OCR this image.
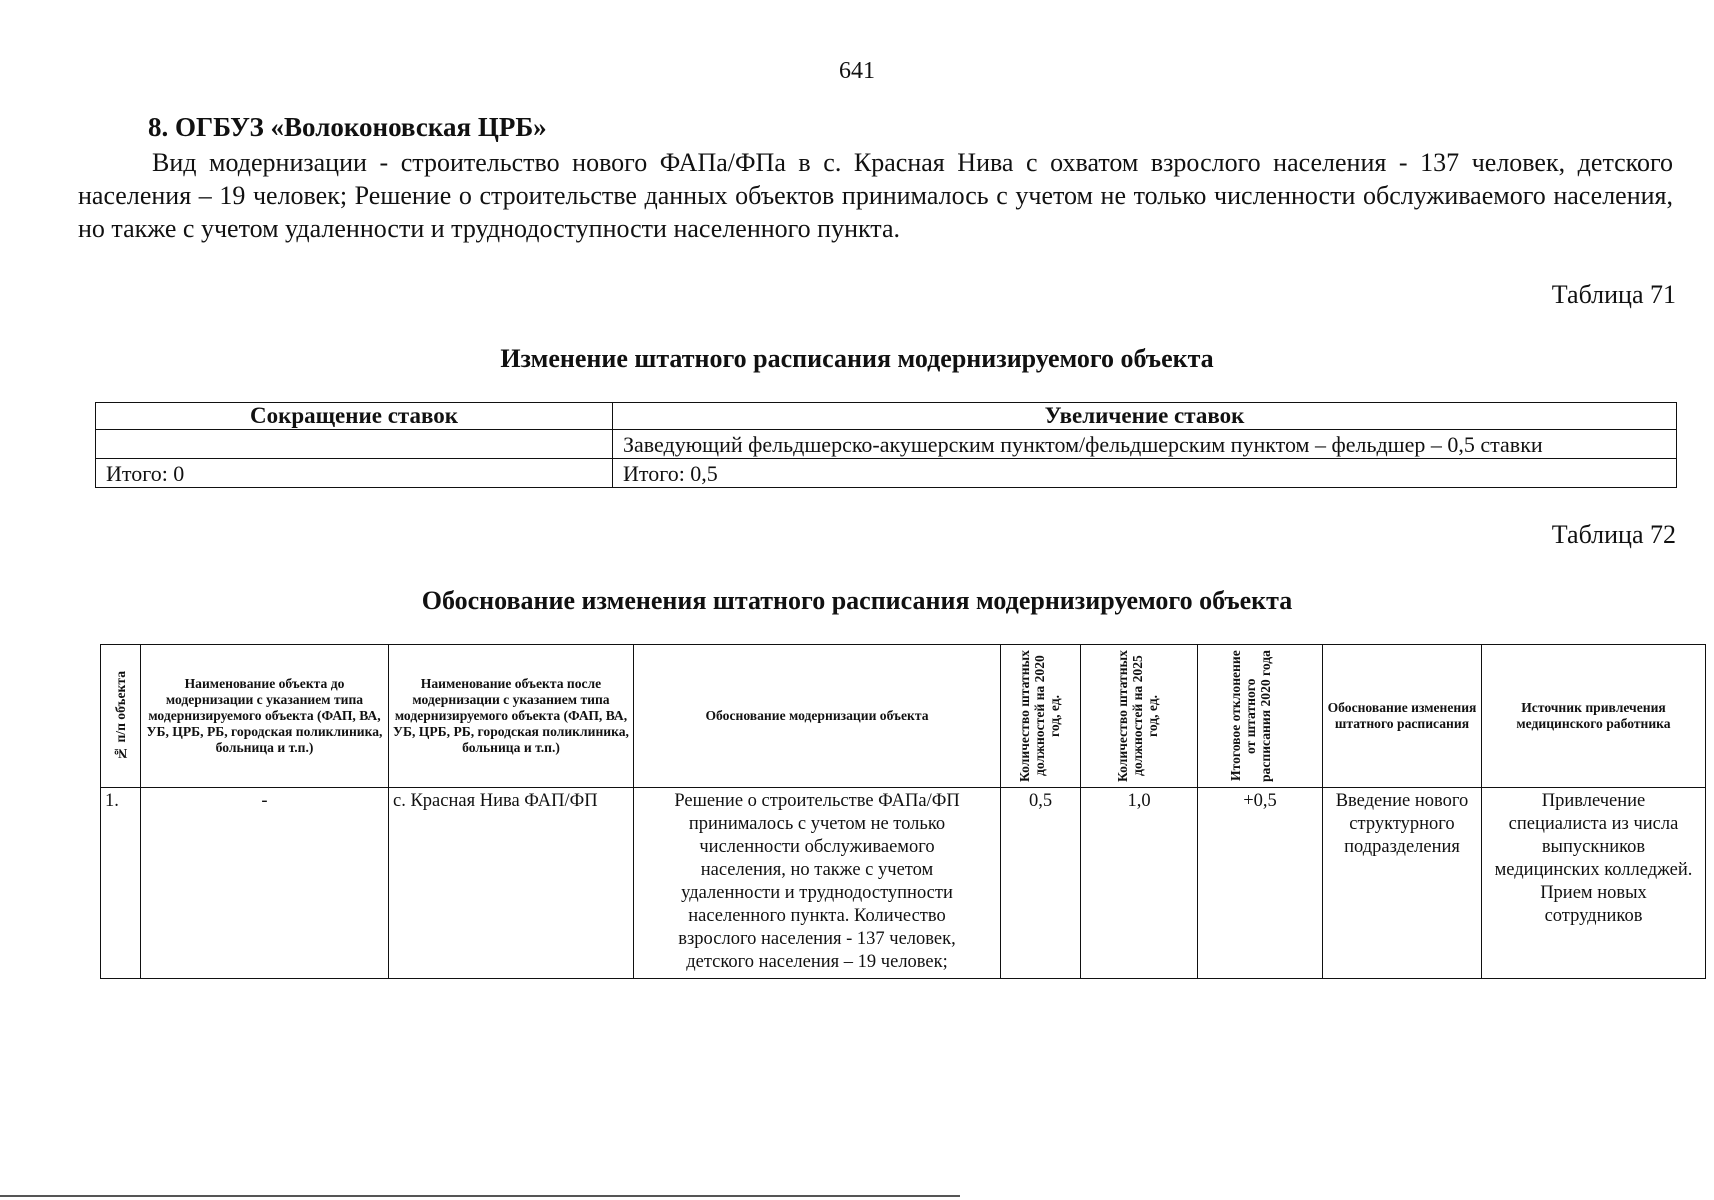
641
8. ОГБУЗ «Волоконовская ЦРБ»

Вид модернизации - строительство нового ФАПа/ФПа в с. Красная Нива с охватом взрослого населения - 137 человек, детского населения – 19 человек; Решение о строительстве данных объектов принималось с учетом не только численности обслуживаемого населения, но также с учетом удаленности и труднодоступности населенного пункта.

Таблица 71
Изменение штатного расписания модернизируемого объекта
Сокращение ставок	Увеличение ставок
	Заведующий фельдшерско-акушерским пунктом/фельдшерским пунктом – фельдшер – 0,5 ставки
Итого: 0	Итого: 0,5
Таблица 72
Обоснование изменения штатного расписания модернизируемого объекта
№ п/п объекта	Наименование объекта до модернизации с указанием типа модернизируемого объекта (ФАП, ВА, УБ, ЦРБ, РБ, городская поликлиника, больница и т.п.)	Наименование объекта после модернизации с указанием типа модернизируемого объекта (ФАП, ВА, УБ, ЦРБ, РБ, городская поликлиника, больница и т.п.)	Обоснование модернизации объекта	Количество штатных должностей на 2020 год, ед.	Количество штатных должностей на 2025 год, ед.	Итоговое отклонение от штатного расписания 2020 года	Обоснование изменения штатного расписания	Источник привлечения медицинского работника
1.	-	с. Красная Нива ФАП/ФП	Решение о строительстве ФАПа/ФП принималось с учетом не только численности обслуживаемого населения, но также с учетом удаленности и труднодоступности населенного пункта. Количество взрослого населения - 137 человек, детского населения – 19 человек;	0,5	1,0	+0,5	Введение нового структурного подразделения	Привлечение специалиста из числа выпускников медицинских колледжей. Прием новых сотрудников
